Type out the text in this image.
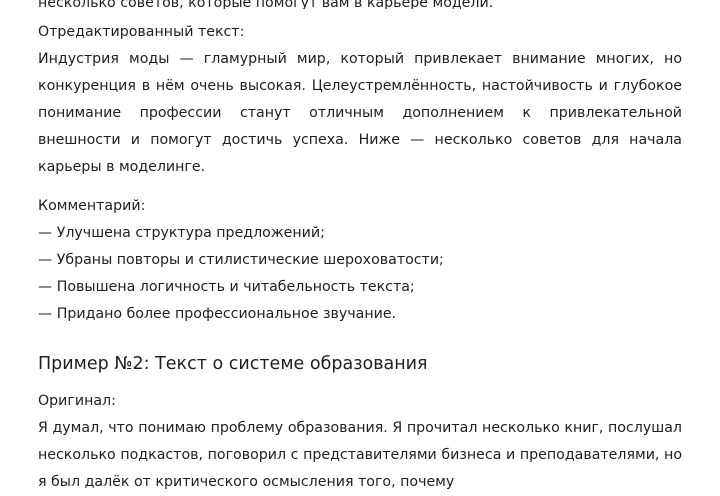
несколько советов, которые помогут вам в карьере модели.

Отредактированный текст:

Индустрия моды — гламурный мир, который привлекает внимание многих, но конкуренция в нём очень высокая. Целеустремлённость, настойчивость и глубокое понимание профессии станут отличным дополнением к привлекательной внешности и помогут достичь успеха. Ниже — несколько советов для начала карьеры в моделинге.

Комментарий:

— Улучшена структура предложений;
— Убраны повторы и стилистические шероховатости;
— Повышена логичность и читабельность текста;
— Придано более профессиональное звучание.
Пример №2: Текст о системе образования

Оригинал:

Я думал, что понимаю проблему образования. Я прочитал несколько книг, послушал несколько подкастов, поговорил с представителями бизнеса и преподавателями, но я был далёк от критического осмысления того, почему
